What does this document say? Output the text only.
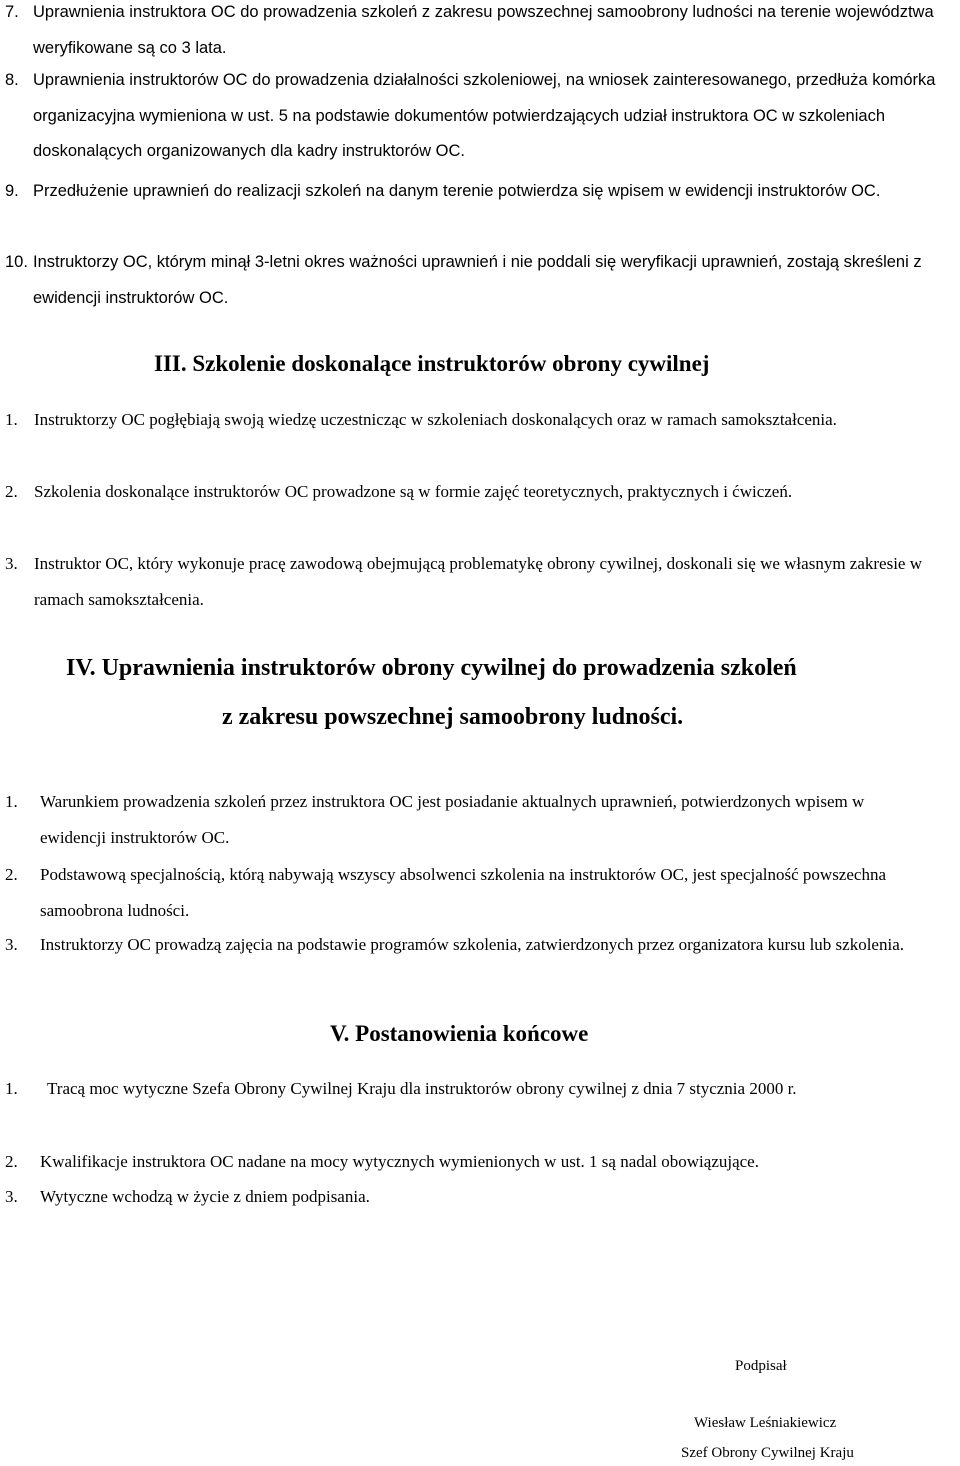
7. Uprawnienia instruktora OC do prowadzenia szkoleń z zakresu powszechnej samoobrony ludności na terenie województwa weryfikowane są co 3 lata.
8. Uprawnienia instruktorów OC do prowadzenia działalności szkoleniowej, na wniosek zainteresowanego, przedłuża komórka organizacyjna wymieniona w ust. 5 na podstawie dokumentów potwierdzających udział instruktora OC w szkoleniach doskonalących organizowanych dla kadry instruktorów OC.
9. Przedłużenie uprawnień do realizacji szkoleń na danym terenie potwierdza się wpisem w ewidencji instruktorów OC.
10. Instruktorzy OC, którym minął 3-letni okres ważności uprawnień i nie poddali się weryfikacji uprawnień, zostają skreśleni z ewidencji instruktorów OC.
III. Szkolenie doskonalące instruktorów obrony cywilnej
1. Instruktorzy OC pogłębiają swoją wiedzę uczestnicząc w szkoleniach doskonalących oraz w ramach samokształcenia.
2. Szkolenia doskonalące instruktorów OC prowadzone są w formie zajęć teoretycznych, praktycznych i ćwiczeń.
3. Instruktor OC, który wykonuje pracę zawodową obejmującą problematykę obrony cywilnej, doskonali się we własnym zakresie w ramach samokształcenia.
IV. Uprawnienia instruktorów obrony cywilnej do prowadzenia szkoleń
z zakresu powszechnej samoobrony ludności.
1.	Warunkiem prowadzenia szkoleń przez instruktora OC jest posiadanie aktualnych uprawnień, potwierdzonych wpisem w ewidencji instruktorów OC.
2.	Podstawową specjalnością, którą nabywają wszyscy absolwenci szkolenia na instruktorów OC, jest specjalność powszechna samoobrona ludności.
3.	Instruktorzy OC prowadzą zajęcia na podstawie programów szkolenia, zatwierdzonych przez organizatora kursu lub szkolenia.
V. Postanowienia końcowe
1.	Tracą moc wytyczne Szefa Obrony Cywilnej Kraju dla instruktorów obrony cywilnej z dnia 7 stycznia 2000 r.
2.	Kwalifikacje instruktora OC nadane na mocy wytycznych wymienionych w ust. 1 są nadal obowiązujące.
3.	Wytyczne wchodzą w życie z dniem podpisania.

Podpisał

Wiesław Leśniakiewicz

Szef Obrony Cywilnej Kraju
